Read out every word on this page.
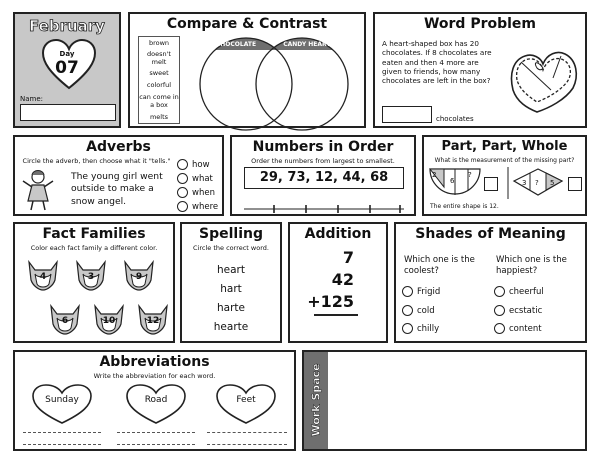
February
Day
07
Name:
Compare & Contrast
brown
doesn't melt
sweet
colorful
can come in a box
melts
CHOCOLATE	CANDY HEARTS
Word Problem
A heart-shaped box has 20 chocolates. If 8 chocolates are eaten and then 4 more are given to friends, how many chocolates are left in the box?
chocolates
Adverbs
Circle the adverb, then choose what it "tells."
The young girl went outside to make a snow angel.
how
what
when
where
Numbers in Order
Order the numbers from largest to smallest.
29, 73, 12, 44, 68
Part, Part, Whole
What is the measurement of the missing part?
2
6
?
3 ? 5
The entire shape is 12.
Fact Families
Color each fact family a different color.
4	3	9
6	10	12
Spelling
Circle the correct word.
heart
hart
harte
hearte
Addition
7
42
+125
Shades of Meaning
Which one is the coolest?
Which one is the happiest?
Frigid
cold
chilly
cheerful
ecstatic
content
Abbreviations
Write the abbreviation for each word.
Sunday	Road	Feet	Work Space
